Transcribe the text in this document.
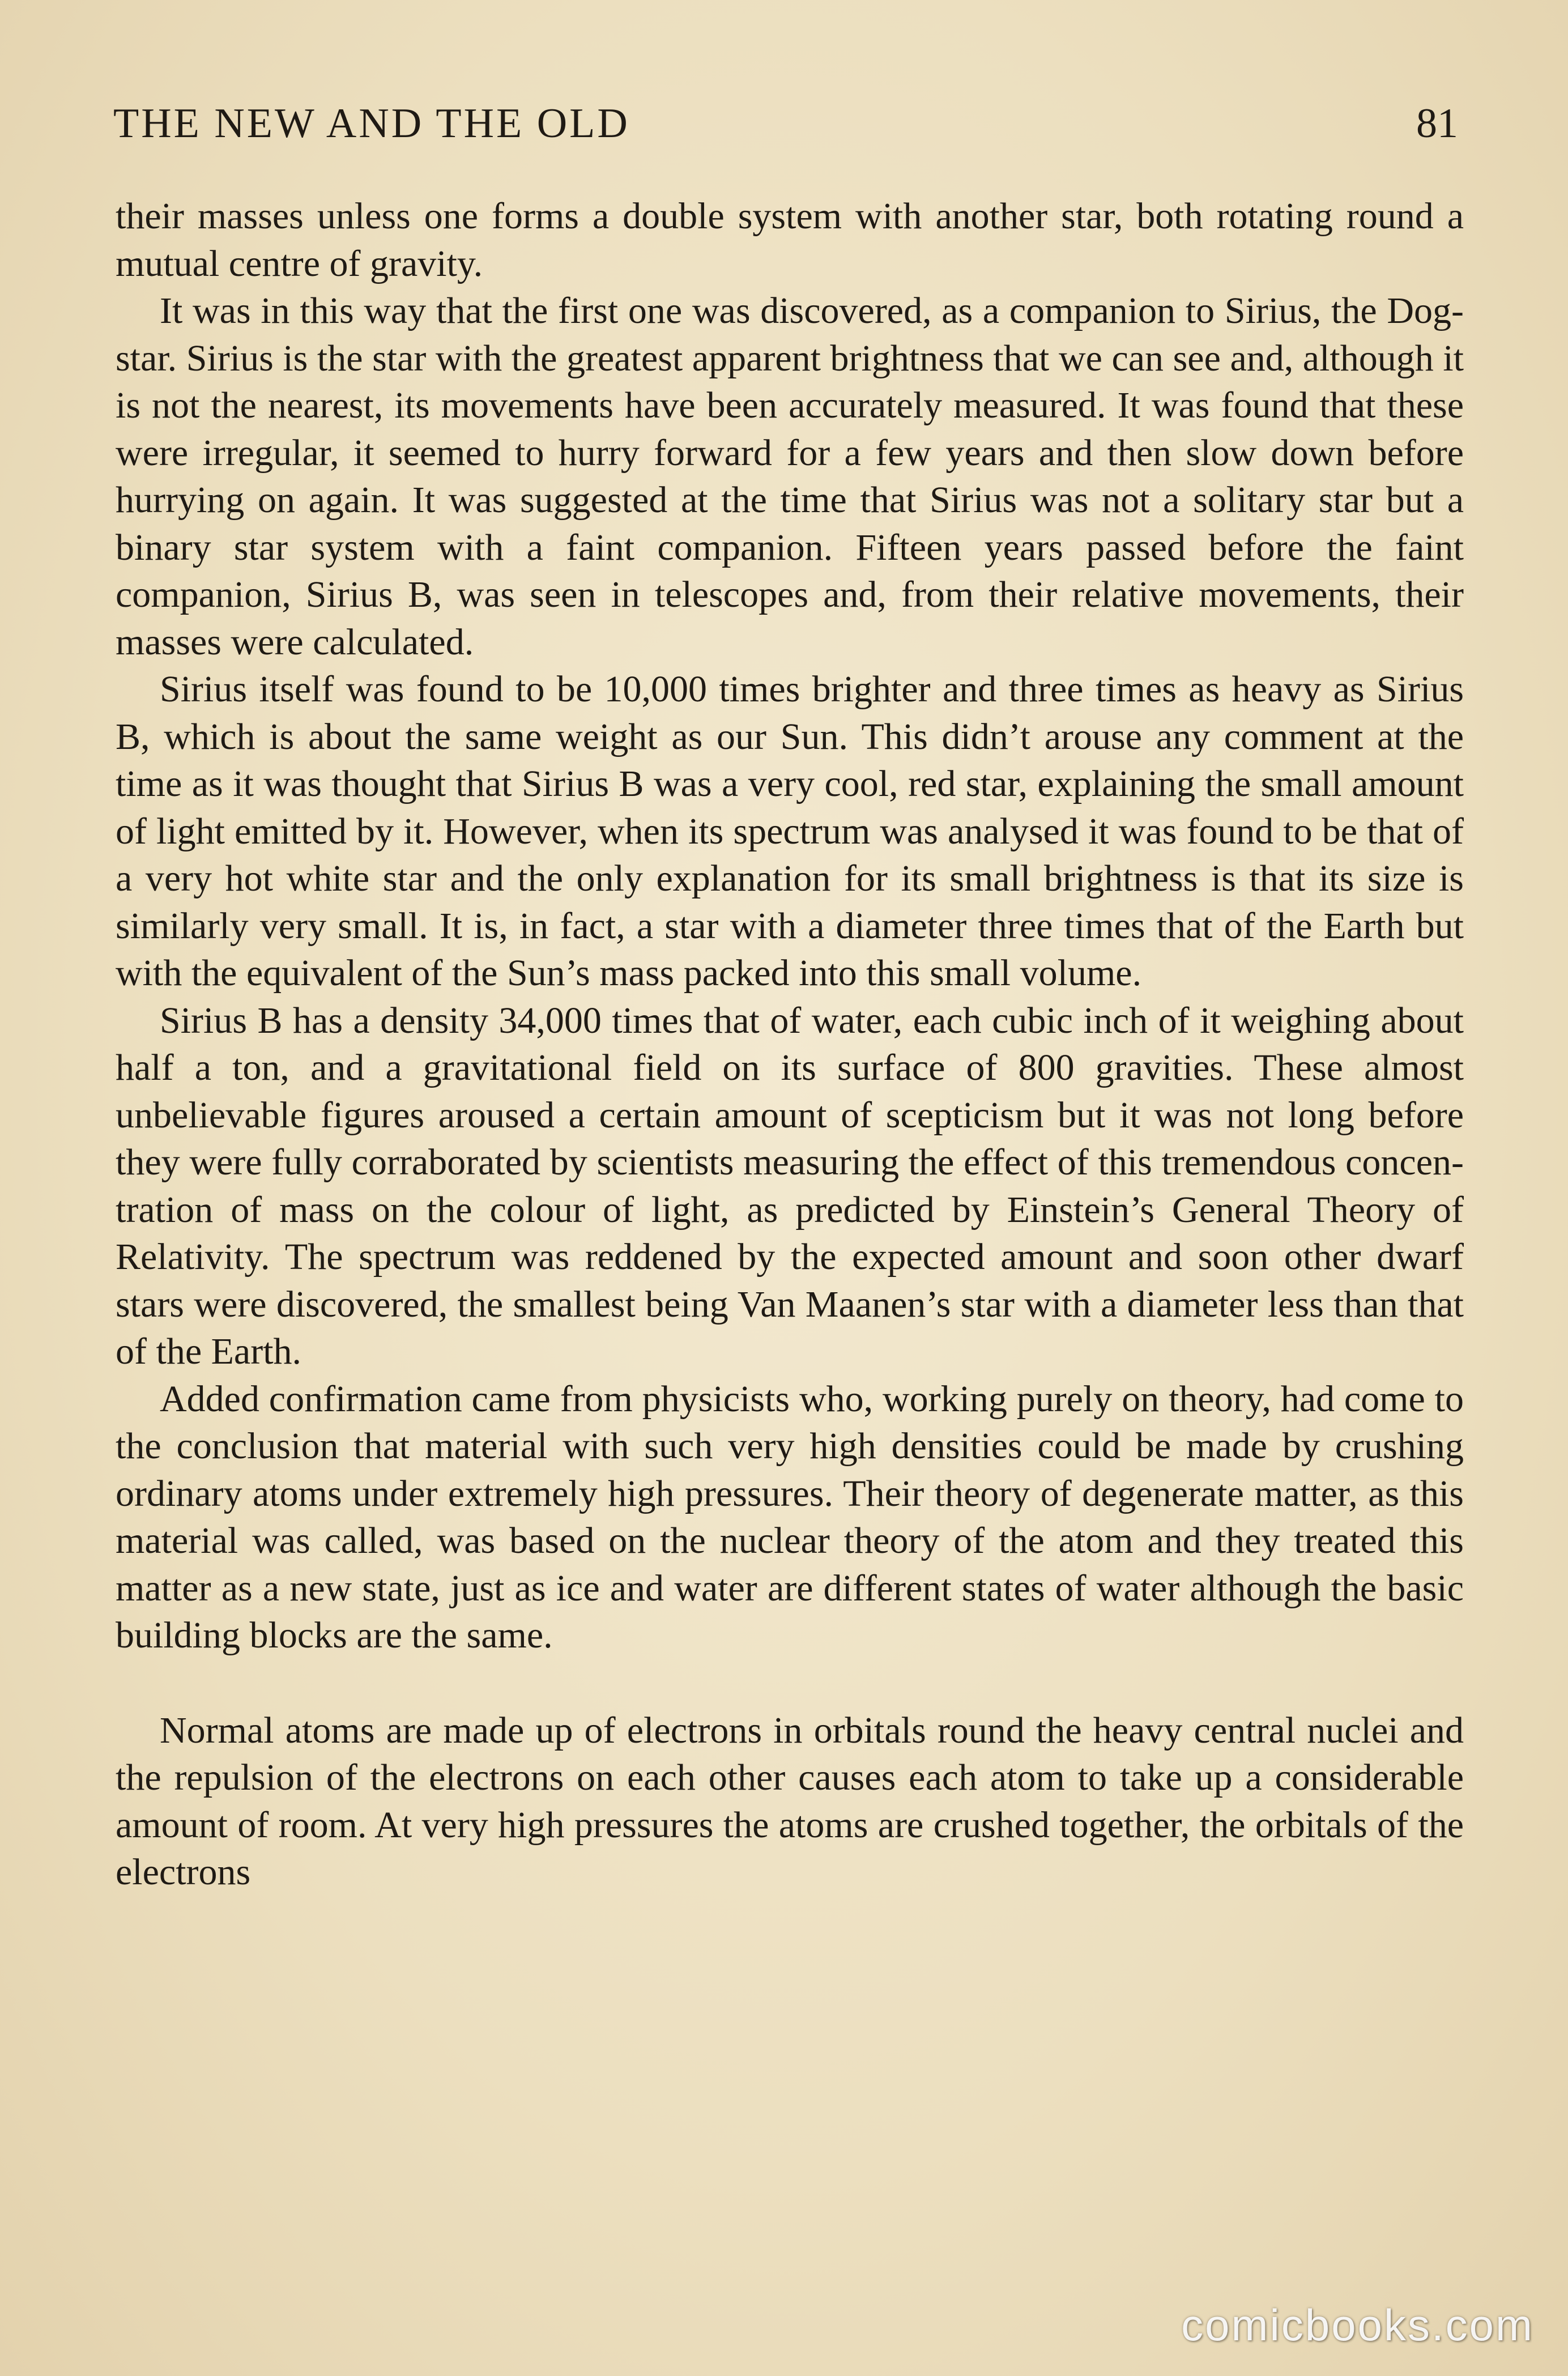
THE NEW AND THE OLD	81

their masses unless one forms a double system with another star, both rotating round a mutual centre of gravity.

It was in this way that the first one was discovered, as a companion to Sirius, the Dog-star. Sirius is the star with the greatest apparent brightness that we can see and, although it is not the nearest, its movements have been accurately measured. It was found that these were irregular, it seemed to hurry forward for a few years and then slow down before hurrying on again. It was suggested at the time that Sirius was not a solitary star but a binary star system with a faint companion. Fifteen years passed before the faint companion, Sirius B, was seen in telescopes and, from their relative movements, their masses were calculated.

Sirius itself was found to be 10,000 times brighter and three times as heavy as Sirius B, which is about the same weight as our Sun. This didn’t arouse any comment at the time as it was thought that Sirius B was a very cool, red star, explaining the small amount of light emitted by it. However, when its spectrum was analysed it was found to be that of a very hot white star and the only explanation for its small brightness is that its size is similarly very small. It is, in fact, a star with a diameter three times that of the Earth but with the equivalent of the Sun’s mass packed into this small volume.

Sirius B has a density 34,000 times that of water, each cubic inch of it weighing about half a ton, and a gravitational field on its surface of 800 gravities. These almost unbelievable figures aroused a certain amount of scepticism but it was not long before they were fully corraborated by scientists measuring the effect of this tremendous concentration of mass on the colour of light, as predicted by Einstein’s General Theory of Relativity. The spectrum was reddened by the expected amount and soon other dwarf stars were discovered, the smallest being Van Maanen’s star with a diameter less than that of the Earth.

Added confirmation came from physicists who, working purely on theory, had come to the conclusion that material with such very high densities could be made by crushing ordinary atoms under extremely high pressures. Their theory of degenerate matter, as this material was called, was based on the nuclear theory of the atom and they treated this matter as a new state, just as ice and water are different states of water although the basic building blocks are the same.

Normal atoms are made up of electrons in orbitals round the heavy central nuclei and the repulsion of the electrons on each other causes each atom to take up a considerable amount of room. At very high pressures the atoms are crushed together, the orbitals of the electrons

comicbooks.com
